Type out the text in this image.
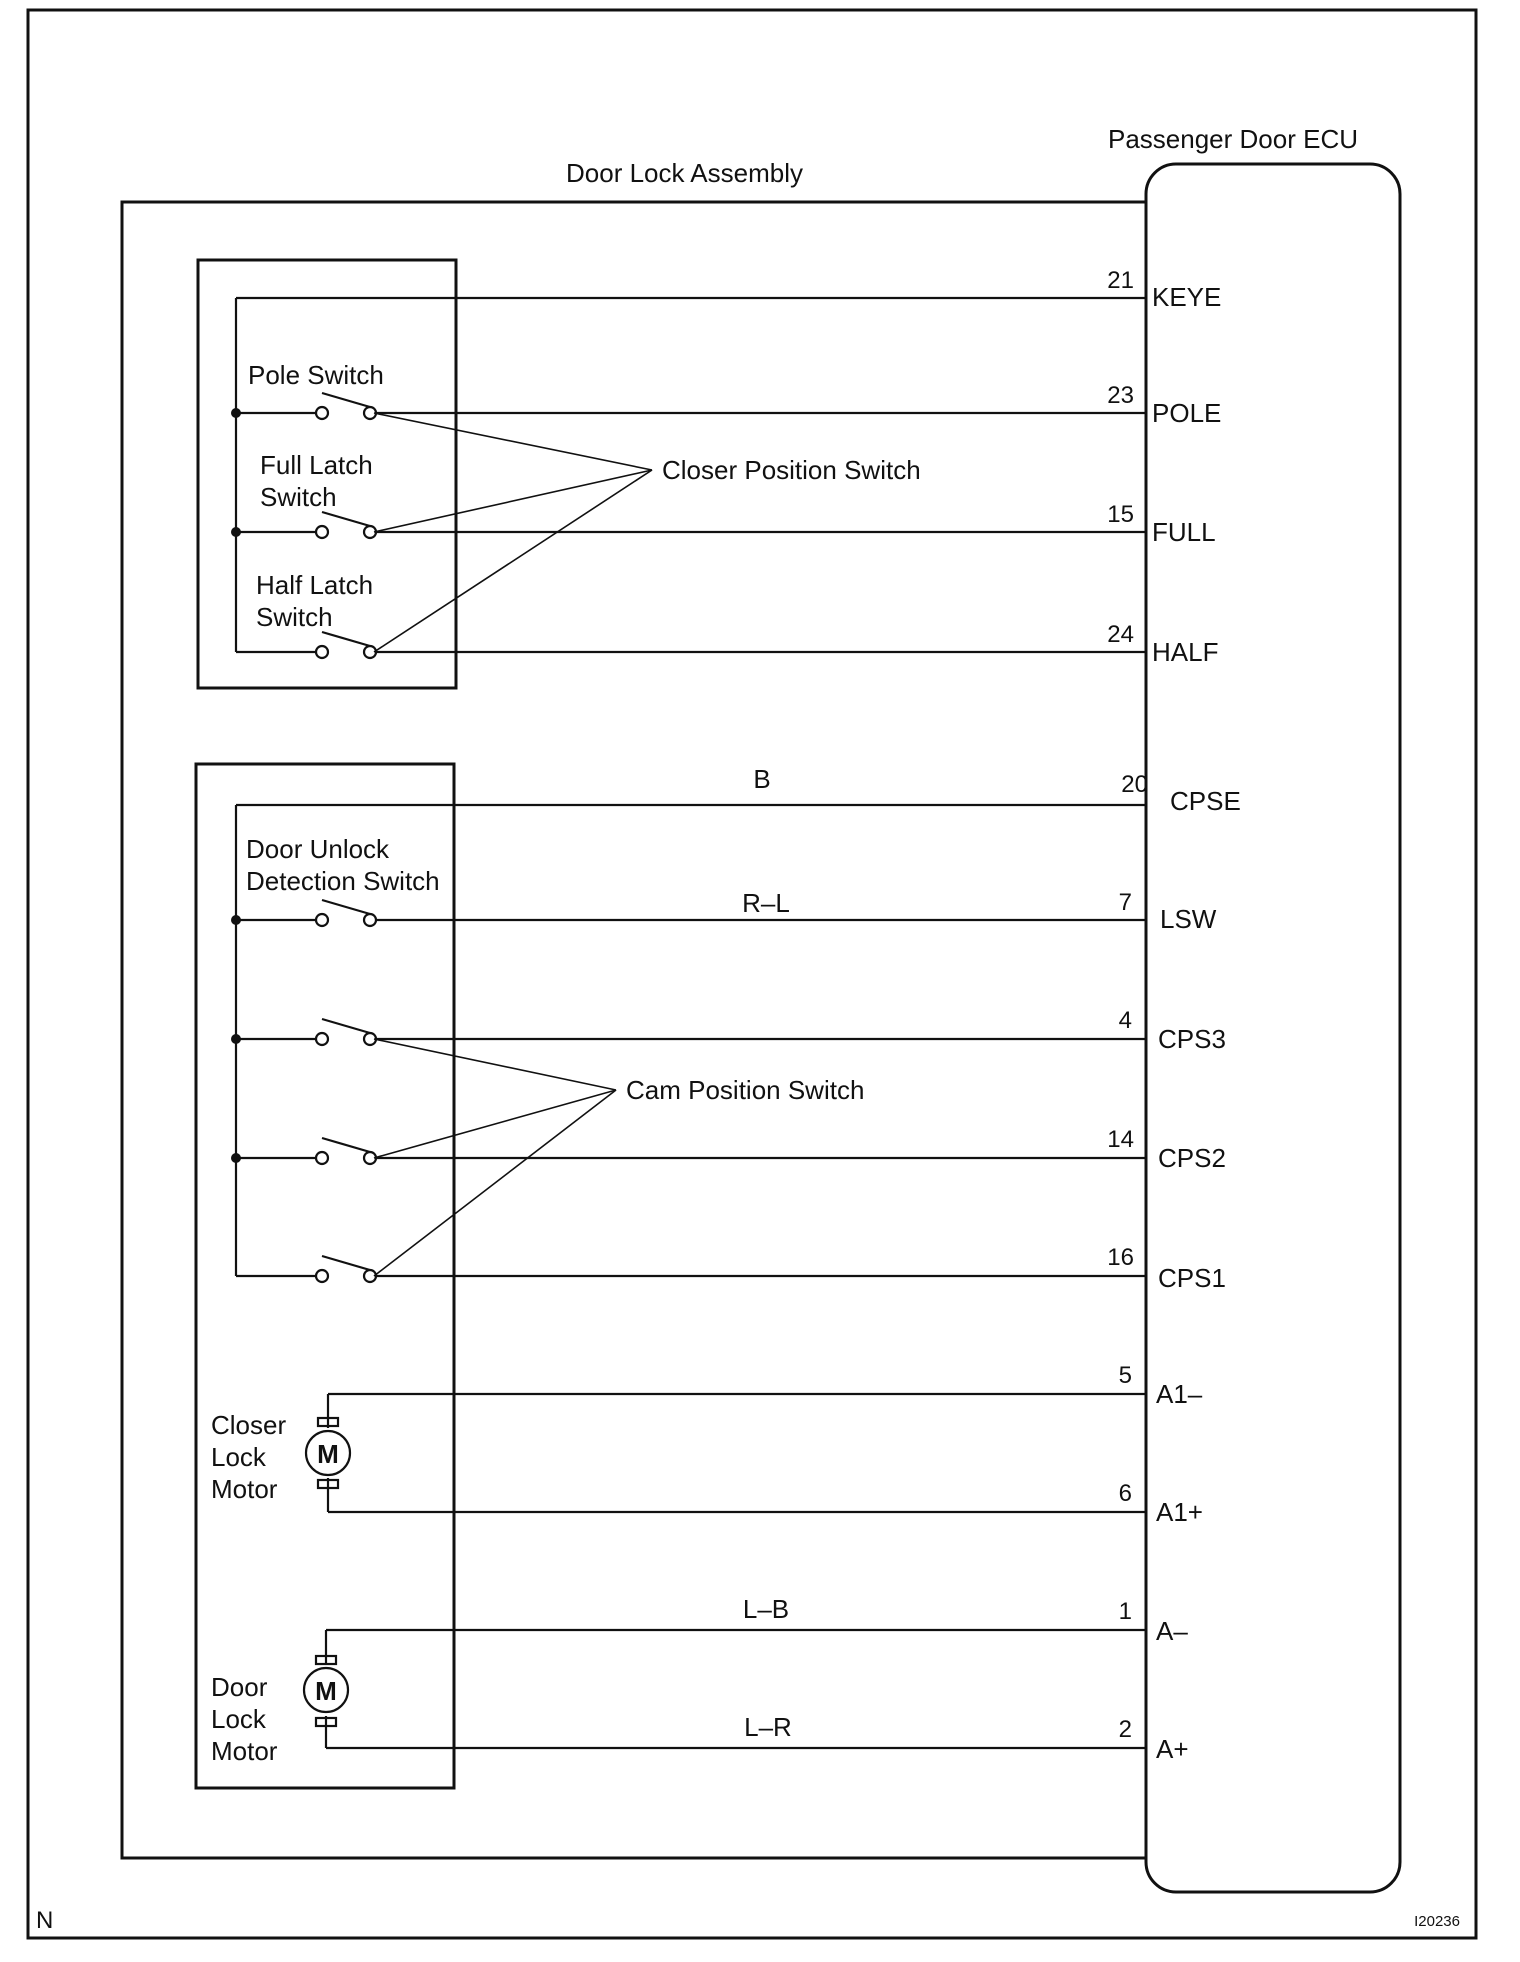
Passenger Door ECU
Door Lock Assembly
Pole Switch
Full Latch
Switch
Half Latch
Switch
Closer Position Switch
Door Unlock
Detection Switch
Cam Position Switch
M
Closer
Lock
Motor
M
Door
Lock
Motor
B
R–L
L–B
L–R
21
KEYE
23
POLE
15
FULL
24
HALF
20
CPSE
7
LSW
4
CPS3
14
CPS2
16
CPS1
5
A1–
6
A1+
1
A–
2
A+
N	I20236
